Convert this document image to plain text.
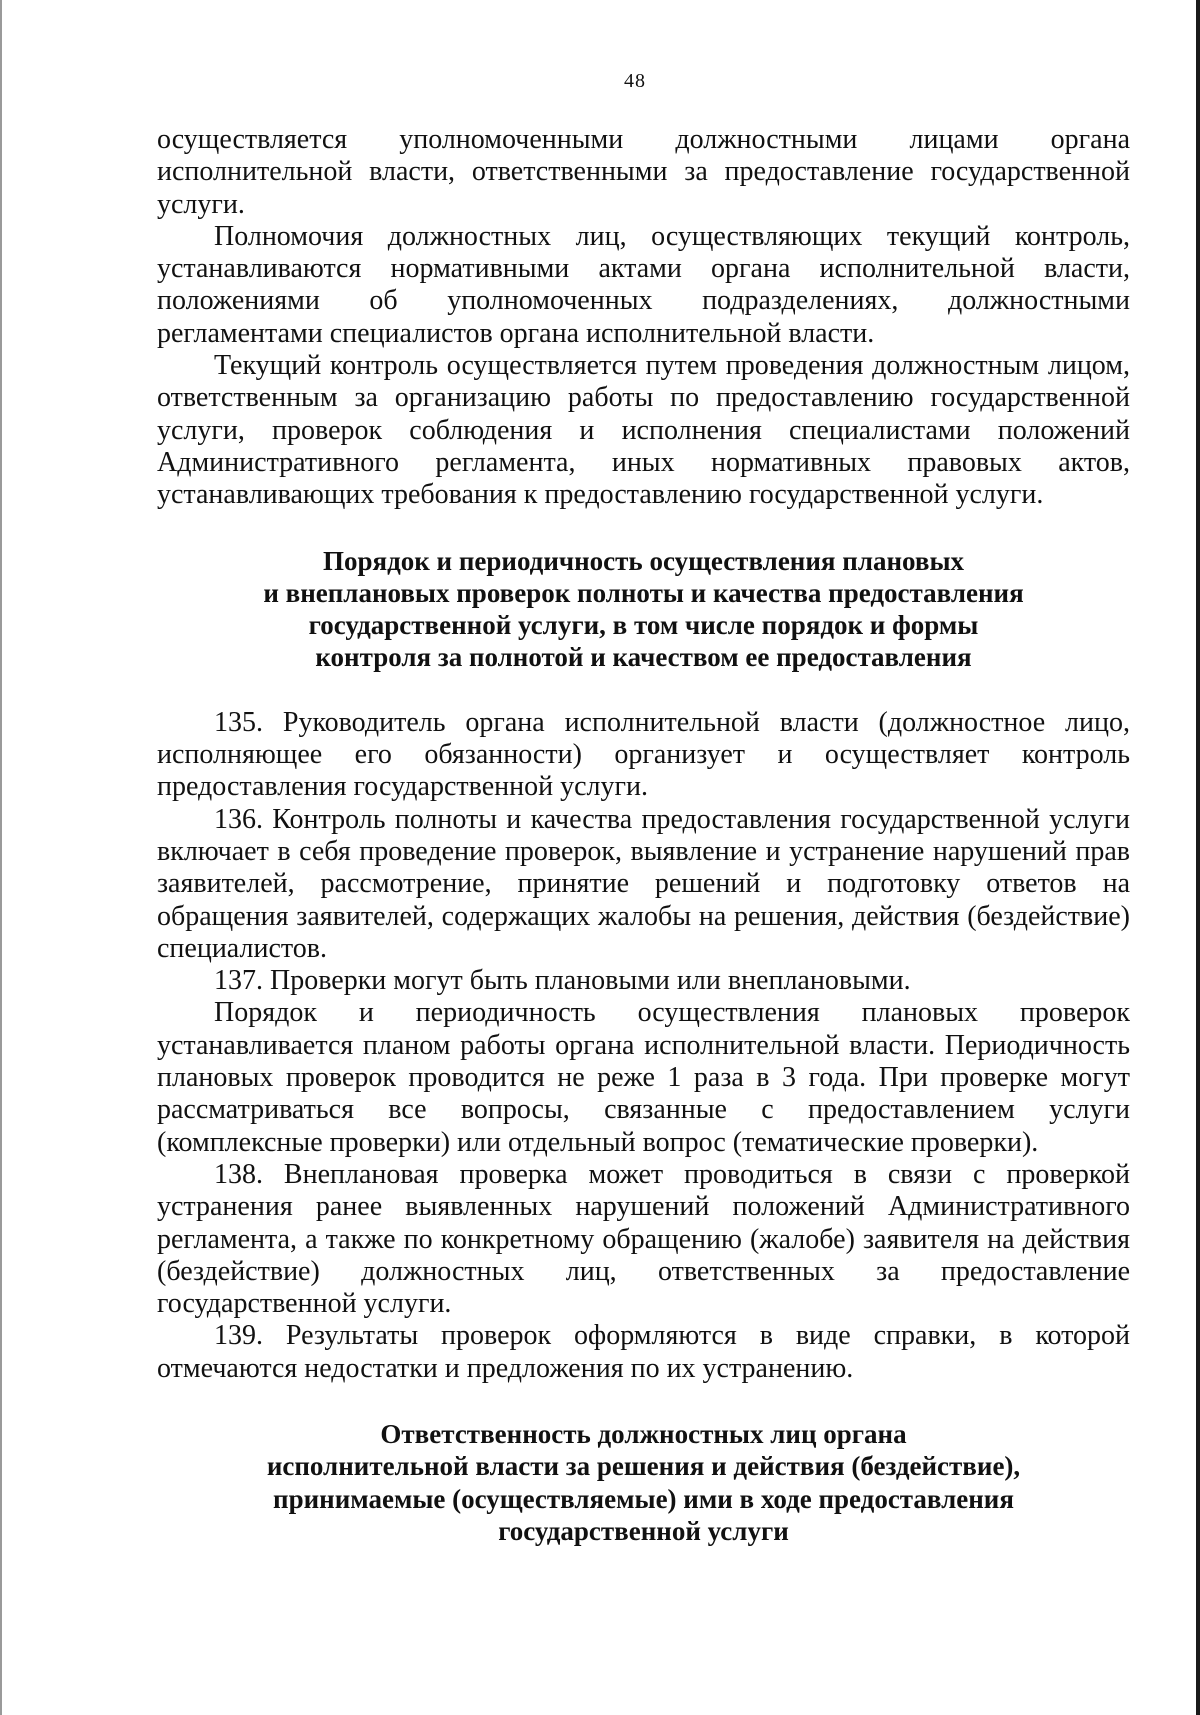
48

осуществляется уполномоченными должностными лицами органа исполнительной власти, ответственными за предоставление государственной услуги.

Полномочия должностных лиц, осуществляющих текущий контроль, устанавливаются нормативными актами органа исполнительной власти, положениями об уполномоченных подразделениях, должностными регламентами специалистов органа исполнительной власти.

Текущий контроль осуществляется путем проведения должностным лицом, ответственным за организацию работы по предоставлению государственной услуги, проверок соблюдения и исполнения специалистами положений Административного регламента, иных нормативных правовых актов, устанавливающих требования к предоставлению государственной услуги.

Порядок и периодичность осуществления плановых
и внеплановых проверок полноты и качества предоставления
государственной услуги, в том числе порядок и формы
контроля за полнотой и качеством ее предоставления

135. Руководитель органа исполнительной власти (должностное лицо, исполняющее его обязанности) организует и осуществляет контроль предоставления государственной услуги.

136. Контроль полноты и качества предоставления государственной услуги включает в себя проведение проверок, выявление и устранение нарушений прав заявителей, рассмотрение, принятие решений и подготовку ответов на обращения заявителей, содержащих жалобы на решения, действия (бездействие) специалистов.

137. Проверки могут быть плановыми или внеплановыми.

Порядок и периодичность осуществления плановых проверок устанавливается планом работы органа исполнительной власти. Периодичность плановых проверок проводится не реже 1 раза в 3 года. При проверке могут рассматриваться все вопросы, связанные с предоставлением услуги (комплексные проверки) или отдельный вопрос (тематические проверки).

138. Внеплановая проверка может проводиться в связи с проверкой устранения ранее выявленных нарушений положений Административного регламента, а также по конкретному обращению (жалобе) заявителя на действия (бездействие) должностных лиц, ответственных за предоставление государственной услуги.

139. Результаты проверок оформляются в виде справки, в которой отмечаются недостатки и предложения по их устранению.

Ответственность должностных лиц органа
исполнительной власти за решения и действия (бездействие),
принимаемые (осуществляемые) ими в ходе предоставления
государственной услуги
